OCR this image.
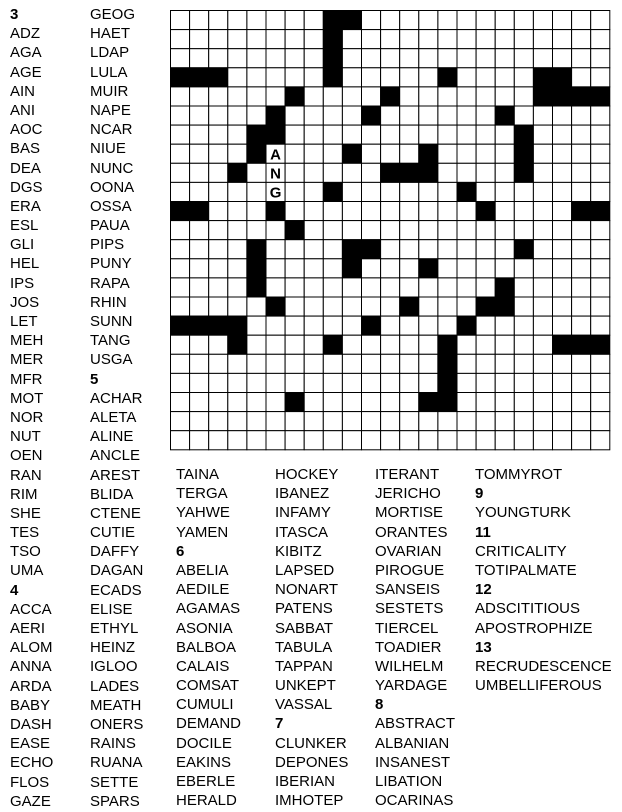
3
ADZ
AGA
AGE
AIN
ANI
AOC
BAS
DEA
DGS
ERA
ESL
GLI
HEL
IPS
JOS
LET
MEH
MER
MFR
MOT
NOR
NUT
OEN
RAN
RIM
SHE
TES
TSO
UMA
4
ACCA
AERI
ALOM
ANNA
ARDA
BABY
DASH
EASE
ECHO
FLOS
GAZE
GEOG
HAET
LDAP
LULA
MUIR
NAPE
NCAR
NIUE
NUNC
OONA
OSSA
PAUA
PIPS
PUNY
RAPA
RHIN
SUNN
TANG
USGA
5
ACHAR
ALETA
ALINE
ANCLE
AREST
BLIDA
CTENE
CUTIE
DAFFY
DAGAN
ECADS
ELISE
ETHYL
HEINZ
IGLOO
LADES
MEATH
ONERS
RAINS
RUANA
SETTE
SPARS
TAINA
TERGA
YAHWE
YAMEN
6
ABELIA
AEDILE
AGAMAS
ASONIA
BALBOA
CALAIS
COMSAT
CUMULI
DEMAND
DOCILE
EAKINS
EBERLE
HERALD
HOCKEY
IBANEZ
INFAMY
ITASCA
KIBITZ
LAPSED
NONART
PATENS
SABBAT
TABULA
TAPPAN
UNKEPT
VASSAL
7
CLUNKER
DEPONES
IBERIAN
IMHOTEP
ITERANT
JERICHO
MORTISE
ORANTES
OVARIAN
PIROGUE
SANSEIS
SESTETS
TIERCEL
TOADIER
WILHELM
YARDAGE
8
ABSTRACT
ALBANIAN
INSANEST
LIBATION
OCARINAS
TOMMYROT
9
YOUNGTURK
11
CRITICALITY
TOTIPALMATE
12
ADSCITITIOUS
APOSTROPHIZE
13
RECRUDESCENCE
UMBELLIFEROUS
T
A
N
G
